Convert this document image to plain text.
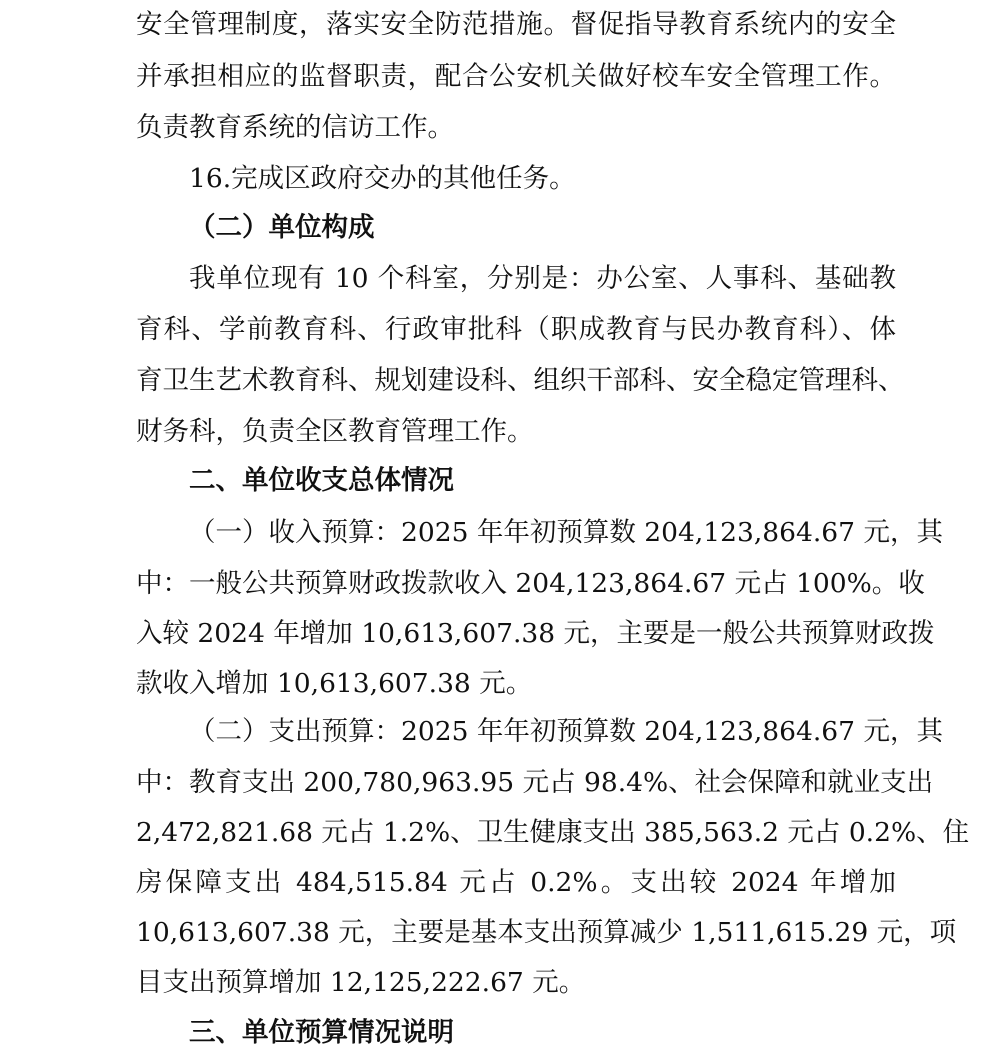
安全管理制度，落实安全防范措施。督促指导教育系统内的安全
并承担相应的监督职责，配合公安机关做好校车安全管理工作。
负责教育系统的信访工作。
16.完成区政府交办的其他任务。
（二）单位构成
我单位现有 10 个科室，分别是：办公室、人事科、基础教
育科、学前教育科、行政审批科（职成教育与民办教育科）、体
育卫生艺术教育科、规划建设科、组织干部科、安全稳定管理科、
财务科，负责全区教育管理工作。
二、单位收支总体情况
（一）收入预算：2025 年年初预算数 204,123,864.67 元，其
中：一般公共预算财政拨款收入 204,123,864.67 元占 100%。收
入较 2024 年增加 10,613,607.38 元，主要是一般公共预算财政拨
款收入增加 10,613,607.38 元。
（二）支出预算：2025 年年初预算数 204,123,864.67 元，其
中：教育支出 200,780,963.95 元占 98.4%、社会保障和就业支出
2,472,821.68 元占 1.2%、卫生健康支出 385,563.2 元占 0.2%、住
房保障支出 484,515.84 元占 0.2%。支出较 2024 年增加
10,613,607.38 元，主要是基本支出预算减少 1,511,615.29 元，项
目支出预算增加 12,125,222.67 元。
三、单位预算情况说明
